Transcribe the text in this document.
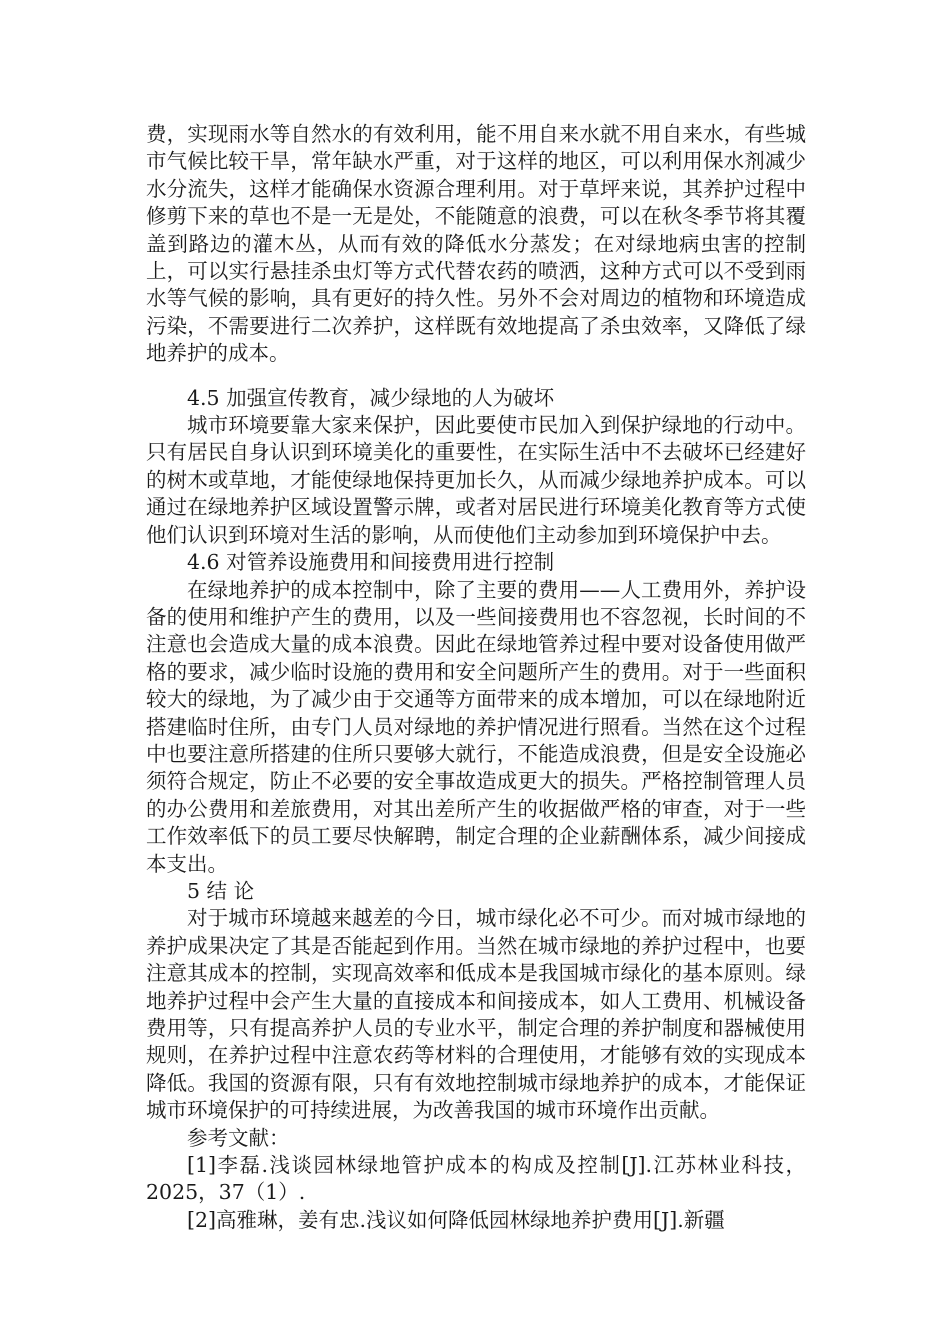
费，实现雨水等自然水的有效利用，能不用自来水就不用自来水，有些城市气候比较干旱，常年缺水严重，对于这样的地区，可以利用保水剂减少水分流失，这样才能确保水资源合理利用。对于草坪来说，其养护过程中修剪下来的草也不是一无是处，不能随意的浪费，可以在秋冬季节将其覆盖到路边的灌木丛，从而有效的降低水分蒸发；在对绿地病虫害的控制上，可以实行悬挂杀虫灯等方式代替农药的喷洒，这种方式可以不受到雨水等气候的影响，具有更好的持久性。另外不会对周边的植物和环境造成污染，不需要进行二次养护，这样既有效地提高了杀虫效率，又降低了绿地养护的成本。

4.5 加强宣传教育，减少绿地的人为破坏

城市环境要靠大家来保护，因此要使市民加入到保护绿地的行动中。只有居民自身认识到环境美化的重要性，在实际生活中不去破坏已经建好的树木或草地，才能使绿地保持更加长久，从而减少绿地养护成本。可以通过在绿地养护区域设置警示牌，或者对居民进行环境美化教育等方式使他们认识到环境对生活的影响，从而使他们主动参加到环境保护中去。

4.6 对管养设施费用和间接费用进行控制

在绿地养护的成本控制中，除了主要的费用——人工费用外，养护设备的使用和维护产生的费用，以及一些间接费用也不容忽视，长时间的不注意也会造成大量的成本浪费。因此在绿地管养过程中要对设备使用做严格的要求，减少临时设施的费用和安全问题所产生的费用。对于一些面积较大的绿地，为了减少由于交通等方面带来的成本增加，可以在绿地附近搭建临时住所，由专门人员对绿地的养护情况进行照看。当然在这个过程中也要注意所搭建的住所只要够大就行，不能造成浪费，但是安全设施必须符合规定，防止不必要的安全事故造成更大的损失。严格控制管理人员的办公费用和差旅费用，对其出差所产生的收据做严格的审查，对于一些工作效率低下的员工要尽快解聘，制定合理的企业薪酬体系，减少间接成本支出。

5 结 论

对于城市环境越来越差的今日，城市绿化必不可少。而对城市绿地的养护成果决定了其是否能起到作用。当然在城市绿地的养护过程中，也要注意其成本的控制，实现高效率和低成本是我国城市绿化的基本原则。绿地养护过程中会产生大量的直接成本和间接成本，如人工费用、机械设备费用等，只有提高养护人员的专业水平，制定合理的养护制度和器械使用规则，在养护过程中注意农药等材料的合理使用，才能够有效的实现成本降低。我国的资源有限，只有有效地控制城市绿地养护的成本，才能保证城市环境保护的可持续进展，为改善我国的城市环境作出贡献。

参考文献：

[1]李磊.浅谈园林绿地管护成本的构成及控制[J].江苏林业科技，2025，37（1）.

[2]高雅琳，姜有忠.浅议如何降低园林绿地养护费用[J].新疆
